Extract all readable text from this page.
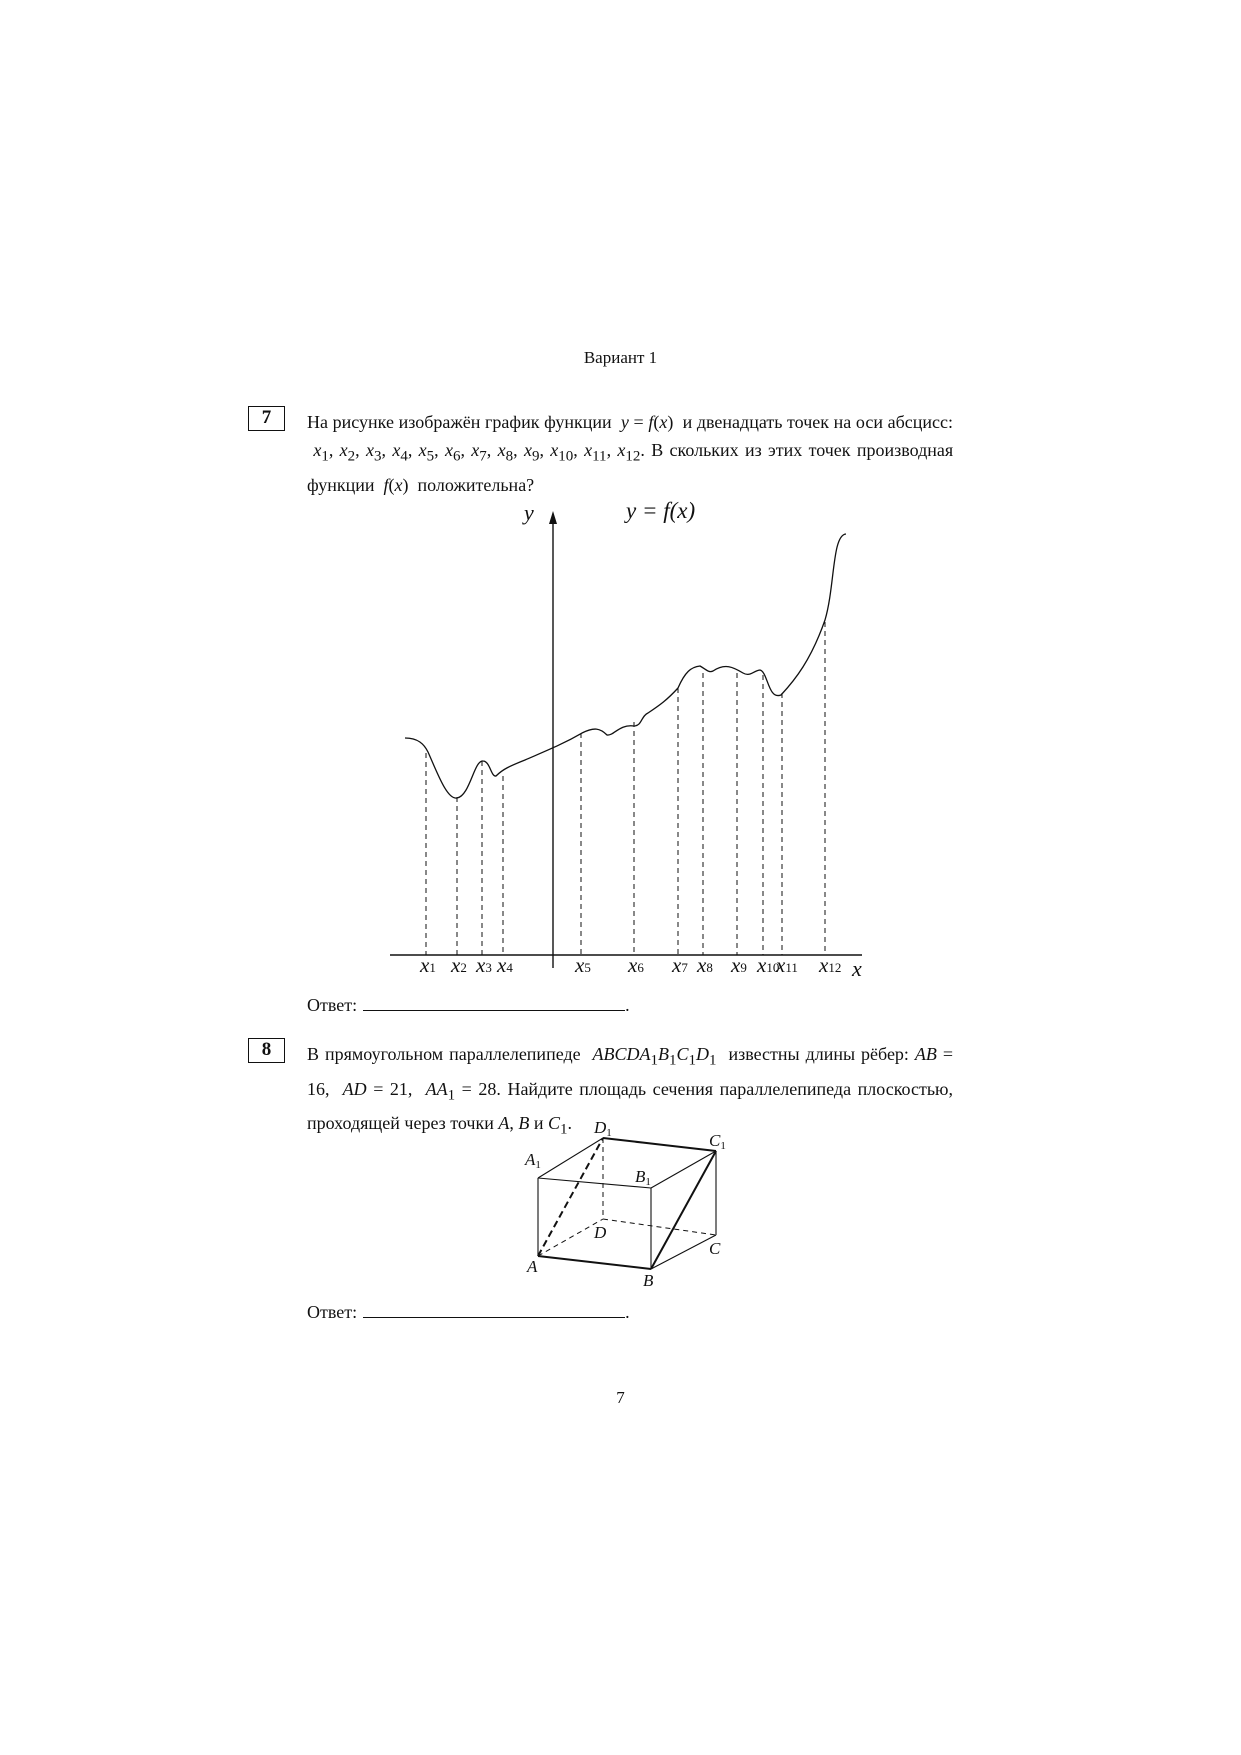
Вариант 1
7	На рисунке изображён график функции  y = f(x)  и двенадцать точек на оси абсцисс:  $x_1$, $x_2$, $x_3$, $x_4$, $x_5$, $x_6$, $x_7$, $x_8$, $x_9$, $x_{10}$, $x_{11}$, $x_{12}$. В скольких из этих точек производная функции  f(x)  положительна?
y
x
y = f(x)
x1 x2 x3 x4	x5 x6 x7 x8 x9 x10
x11 x12
Ответ:	.
8	В прямоугольном параллелепипеде  $ABCDA_1B_1C_1D_1$  известны длины рёбер: AB = 16,  AD = 21,  $AA_1 = 28$. Найдите площадь сечения параллелепипеда плоскостью, проходящей через точки A, B и $C_1$.	D1	C1
A1
B1
D
C
A
B
Ответ:	.
7
